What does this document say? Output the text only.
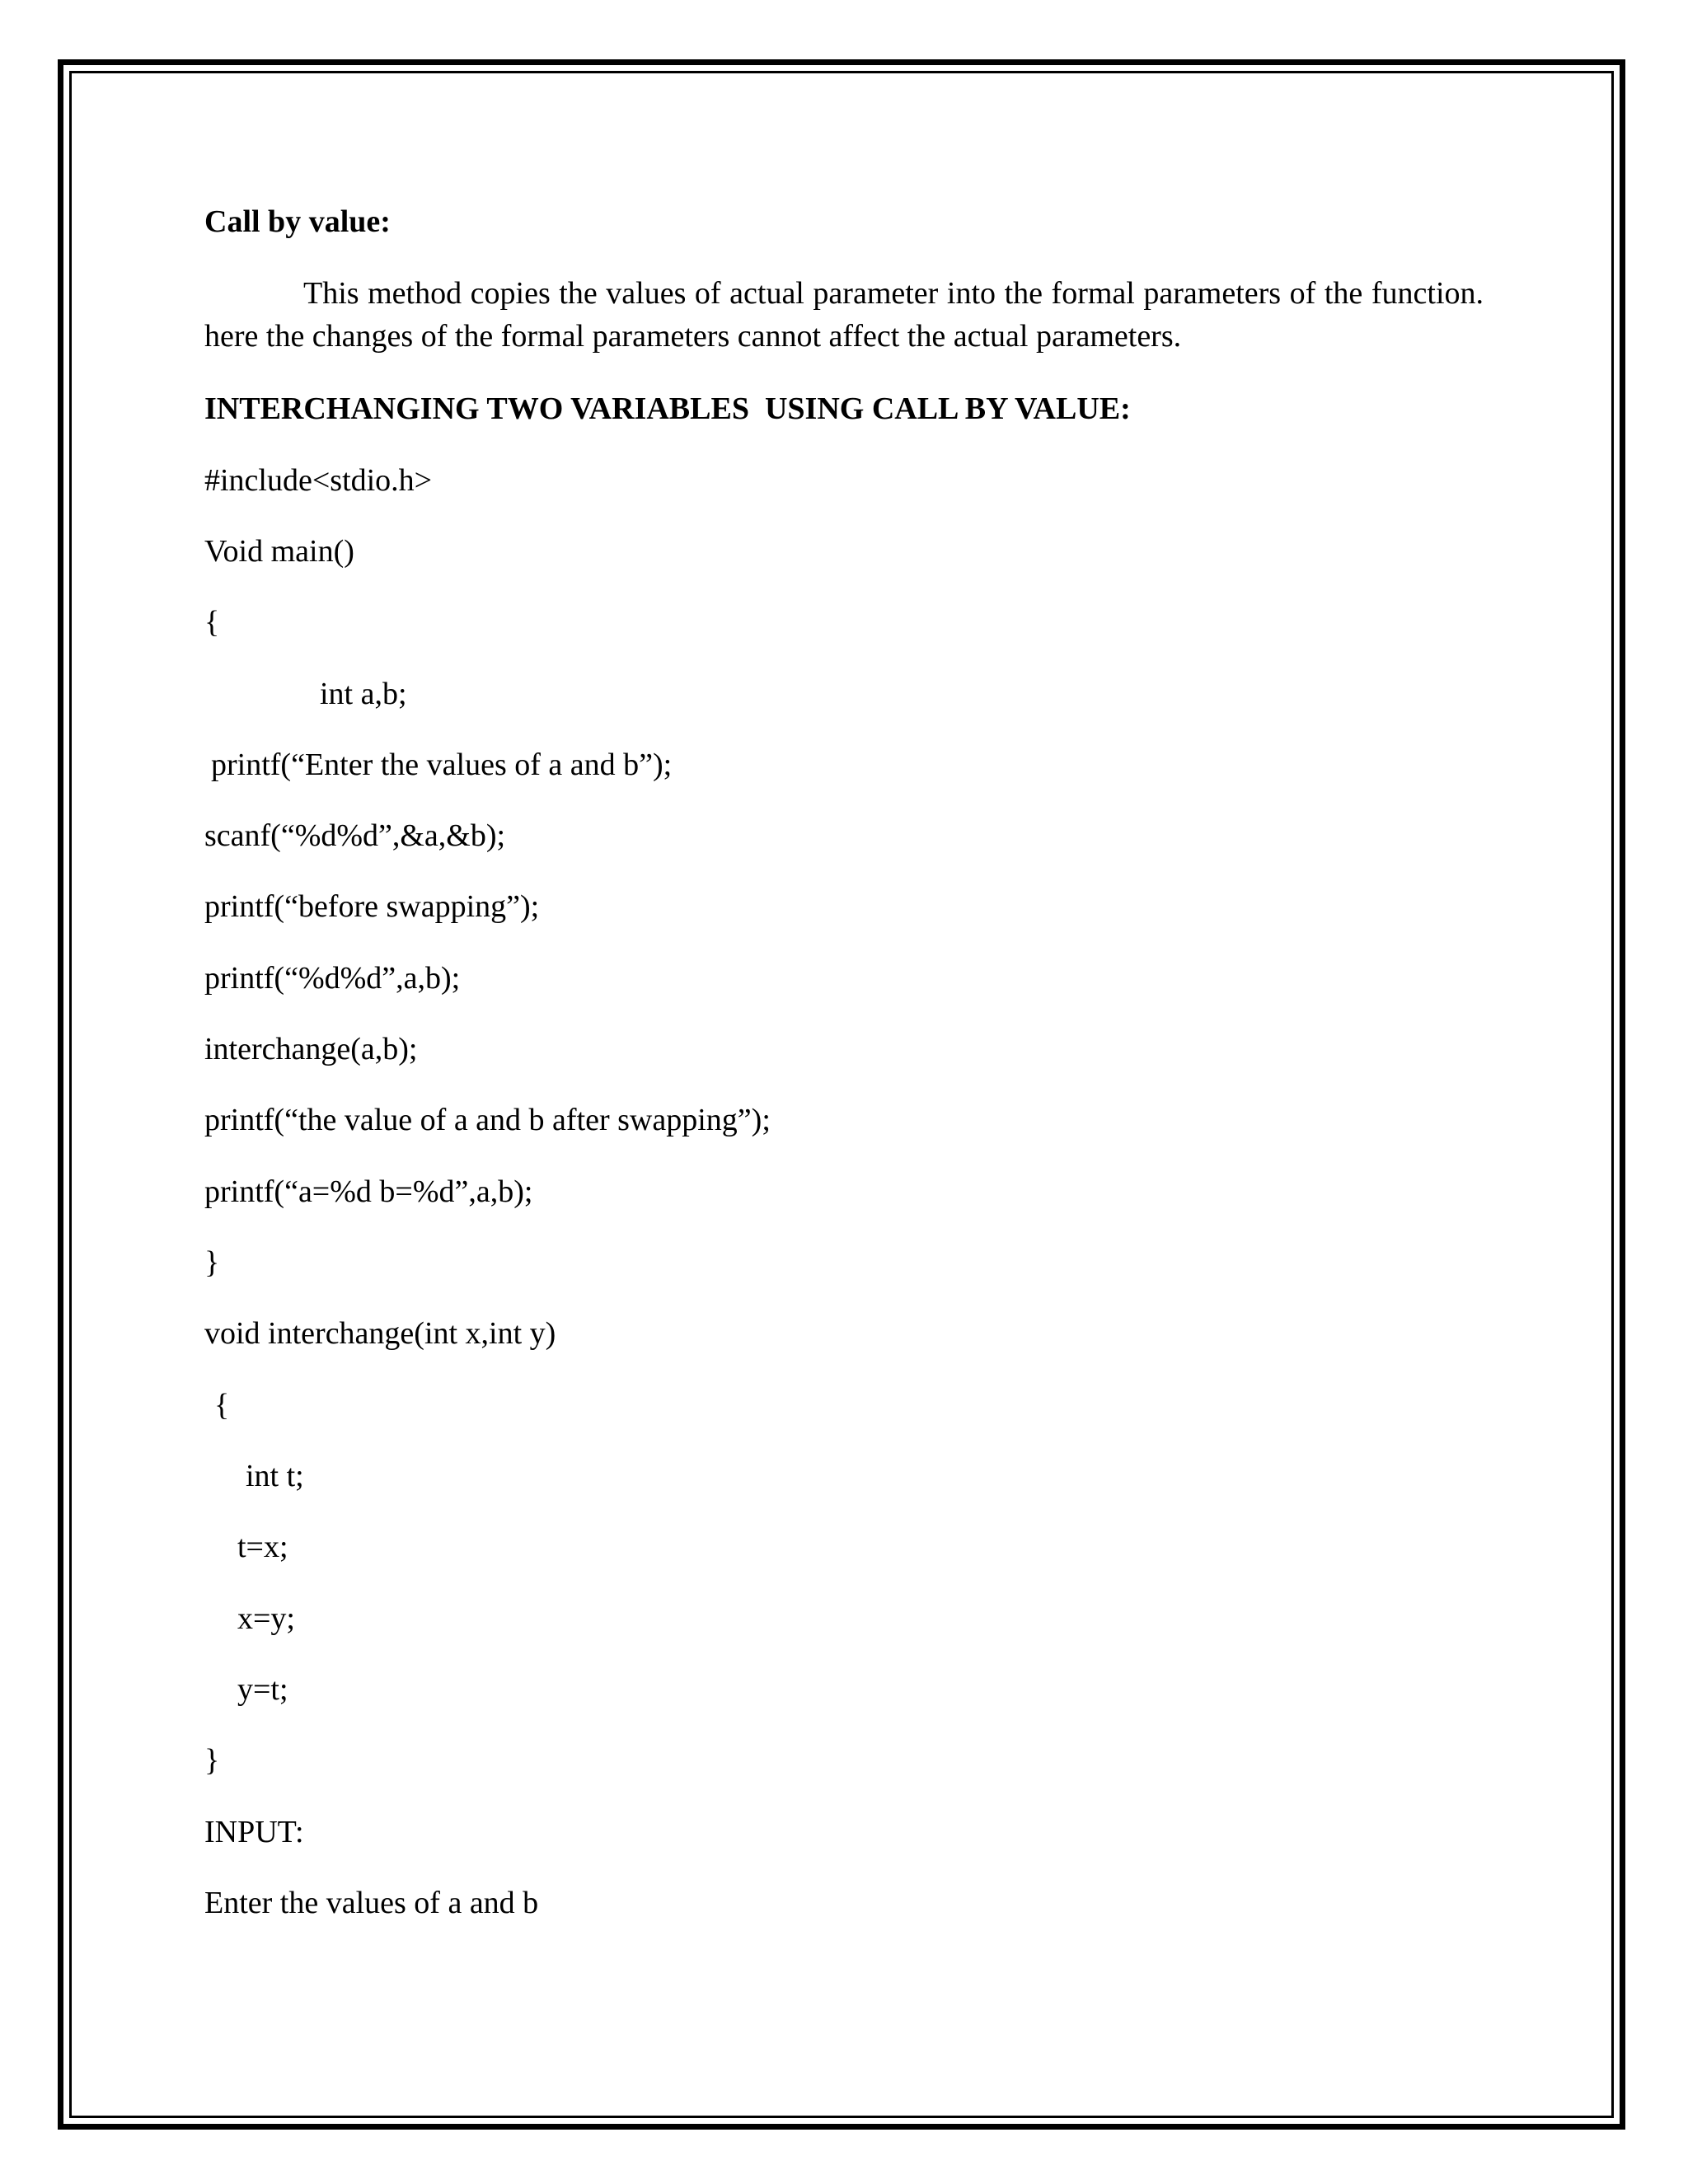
Call by value:
This method copies the values of actual parameter into the formal parameters of the function. here the changes of the formal parameters cannot affect the actual parameters.
INTERCHANGING TWO VARIABLES  USING CALL BY VALUE:
#include<stdio.h>
Void main()
{
int a,b;
printf(“Enter the values of a and b”);
scanf(“%d%d”,&a,&b);
printf(“before swapping”);
printf(“%d%d”,a,b);
interchange(a,b);
printf(“the value of a and b after swapping”);
printf(“a=%d b=%d”,a,b);
}
void interchange(int x,int y)
{
int t;
t=x;
x=y;
y=t;
}
INPUT:
Enter the values of a and b
